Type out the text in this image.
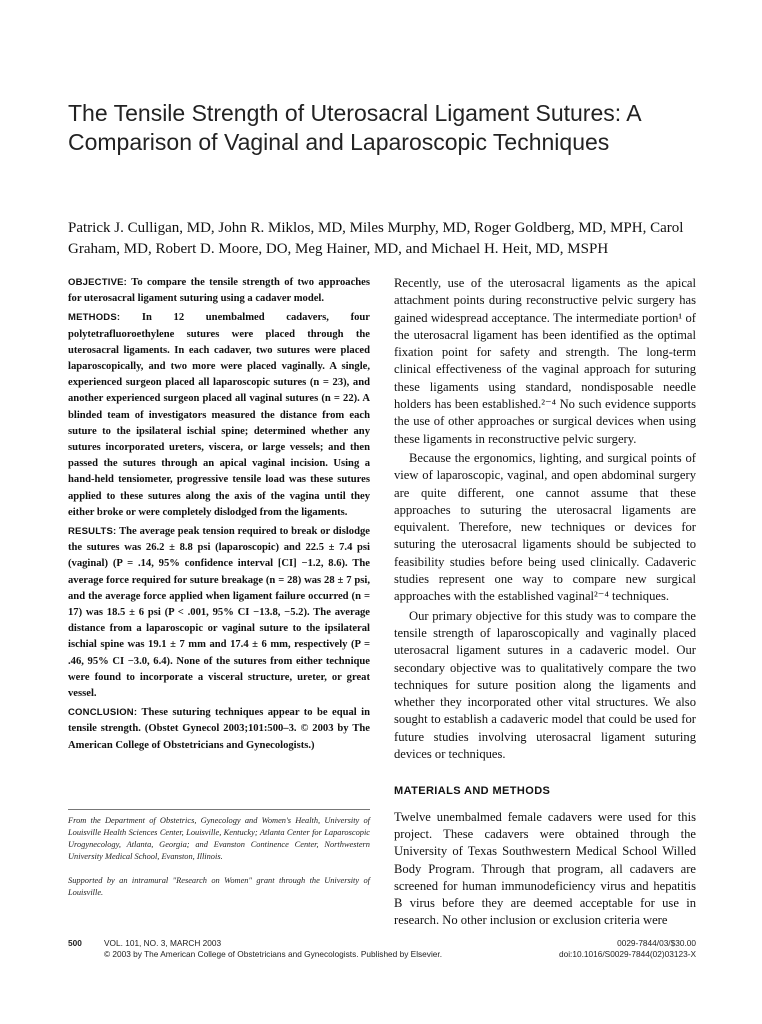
The Tensile Strength of Uterosacral Ligament Sutures: A Comparison of Vaginal and Laparoscopic Techniques
Patrick J. Culligan, MD, John R. Miklos, MD, Miles Murphy, MD, Roger Goldberg, MD, MPH, Carol Graham, MD, Robert D. Moore, DO, Meg Hainer, MD, and Michael H. Heit, MD, MSPH

OBJECTIVE: To compare the tensile strength of two approaches for uterosacral ligament suturing using a cadaver model.

METHODS: In 12 unembalmed cadavers, four polytetrafluoroethylene sutures were placed through the uterosacral ligaments. In each cadaver, two sutures were placed laparoscopically, and two more were placed vaginally. A single, experienced surgeon placed all laparoscopic sutures (n = 23), and another experienced surgeon placed all vaginal sutures (n = 22). A blinded team of investigators measured the distance from each suture to the ipsilateral ischial spine; determined whether any sutures incorporated ureters, viscera, or large vessels; and then passed the sutures through an apical vaginal incision. Using a hand-held tensiometer, progressive tensile load was these sutures applied to these sutures along the axis of the vagina until they either broke or were completely dislodged from the ligaments.

RESULTS: The average peak tension required to break or dislodge the sutures was 26.2 ± 8.8 psi (laparoscopic) and 22.5 ± 7.4 psi (vaginal) (P = .14, 95% confidence interval [CI] −1.2, 8.6). The average force required for suture breakage (n = 28) was 28 ± 7 psi, and the average force applied when ligament failure occurred (n = 17) was 18.5 ± 6 psi (P < .001, 95% CI −13.8, −5.2). The average distance from a laparoscopic or vaginal suture to the ipsilateral ischial spine was 19.1 ± 7 mm and 17.4 ± 6 mm, respectively (P = .46, 95% CI −3.0, 6.4). None of the sutures from either technique were found to incorporate a visceral structure, ureter, or great vessel.

CONCLUSION: These suturing techniques appear to be equal in tensile strength. (Obstet Gynecol 2003;101:500–3. © 2003 by The American College of Obstetricians and Gynecologists.)

From the Department of Obstetrics, Gynecology and Women's Health, University of Louisville Health Sciences Center, Louisville, Kentucky; Atlanta Center for Laparoscopic Urogynecology, Atlanta, Georgia; and Evanston Continence Center, Northwestern University Medical School, Evanston, Illinois.
Supported by an intramural "Research on Women" grant through the University of Louisville.

Recently, use of the uterosacral ligaments as the apical attachment points during reconstructive pelvic surgery has gained widespread acceptance. The intermediate portion¹ of the uterosacral ligament has been identified as the optimal fixation point for safety and strength. The long-term clinical effectiveness of the vaginal approach for suturing these ligaments using standard, nondisposable needle holders has been established.²⁻⁴ No such evidence supports the use of other approaches or surgical devices when using these ligaments in reconstructive pelvic surgery.

Because the ergonomics, lighting, and surgical points of view of laparoscopic, vaginal, and open abdominal surgery are quite different, one cannot assume that these approaches to suturing the uterosacral ligaments are equivalent. Therefore, new techniques or devices for suturing the uterosacral ligaments should be subjected to feasibility studies before being used clinically. Cadaveric studies represent one way to compare new surgical approaches with the established vaginal²⁻⁴ techniques.

Our primary objective for this study was to compare the tensile strength of laparoscopically and vaginally placed uterosacral ligament sutures in a cadaveric model. Our secondary objective was to qualitatively compare the two techniques for suture position along the ligaments and whether they incorporated other vital structures. We also sought to establish a cadaveric model that could be used for future studies involving uterosacral ligament suturing devices or techniques.

MATERIALS AND METHODS

Twelve unembalmed female cadavers were used for this project. These cadavers were obtained through the University of Texas Southwestern Medical School Willed Body Program. Through that program, all cadavers are screened for human immunodeficiency virus and hepatitis B virus before they are deemed acceptable for use in research. No other inclusion or exclusion criteria were

500	VOL. 101, NO. 3, MARCH 2003
© 2003 by The American College of Obstetricians and Gynecologists. Published by Elsevier.
0029-7844/03/$30.00
doi:10.1016/S0029-7844(02)03123-X
